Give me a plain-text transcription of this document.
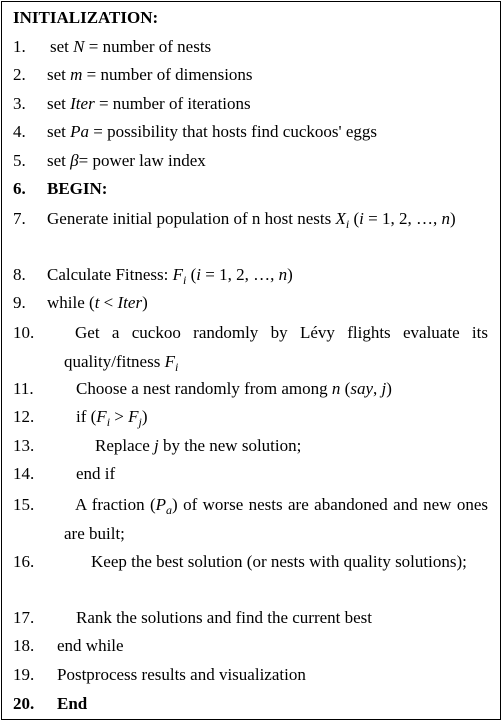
INITIALIZATION:
1. set N = number of nests
2. set m = number of dimensions
3. set Iter = number of iterations
4. set Pa = possibility that hosts find cuckoos' eggs
5. set β= power law index
6. BEGIN:
7. Generate initial population of n host nests $X_i$ (i = 1, 2, …, n)
8. Calculate Fitness: $F_i$ (i = 1, 2, …, n)
9. while (t < Iter)
10. Get a cuckoo randomly by Lévy flights evaluate its quality/fitness $F_i$
11. Choose a nest randomly from among n (say, j)
12. if $(F_i > F_j)$
13.	Replace j by the new solution;
14. end if
15. A fraction $(P_a)$ of worse nests are abandoned and new ones are built;
16.	Keep the best solution (or nests with quality solutions);
17. Rank the solutions and find the current best
18. end while
19. Postprocess results and visualization
20. End
